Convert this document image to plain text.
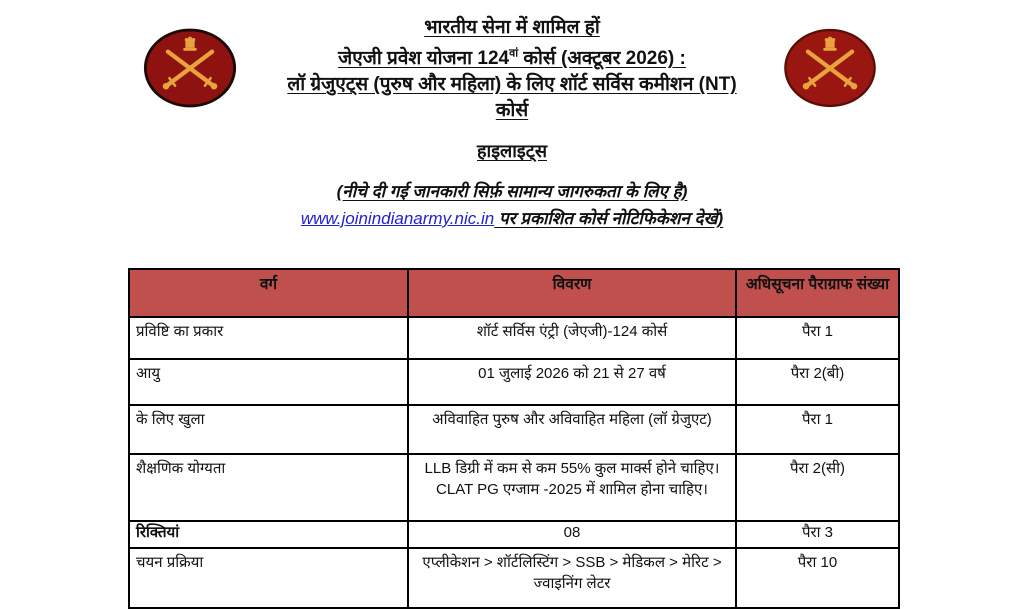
भारतीय सेना में शामिल हों
जेएजी प्रवेश योजना $124^{वां}$ कोर्स (अक्टूबर 2026) :
लॉ ग्रेजुएट्स (पुरुष और महिला) के लिए शॉर्ट सर्विस कमीशन (NT)
कोर्स
हाइलाइट्स
(नीचे दी गई जानकारी सिर्फ़ सामान्य जागरुकता के लिए है)
www.joinindianarmy.nic.in पर प्रकाशित कोर्स नोटिफिकेशन देखें)
वर्ग	विवरण	अधिसूचना पैराग्राफ संख्या
प्रविष्टि का प्रकार	शॉर्ट सर्विस एंट्री (जेएजी)-124 कोर्स	पैरा 1
आयु	01 जुलाई 2026 को 21 से 27 वर्ष	पैरा 2(बी)
के लिए खुला	अविवाहित पुरुष और अविवाहित महिला (लॉ ग्रेजुएट)	पैरा 1
शैक्षणिक योग्यता	LLB डिग्री में कम से कम 55% कुल मार्क्स होने चाहिए। CLAT PG एग्जाम -2025 में शामिल होना चाहिए।	पैरा 2(सी)
रिक्तियां	08	पैरा 3
चयन प्रक्रिया	एप्लीकेशन > शॉर्टलिस्टिंग > SSB > मेडिकल > मेरिट > ज्वाइनिंग लेटर	पैरा 10
